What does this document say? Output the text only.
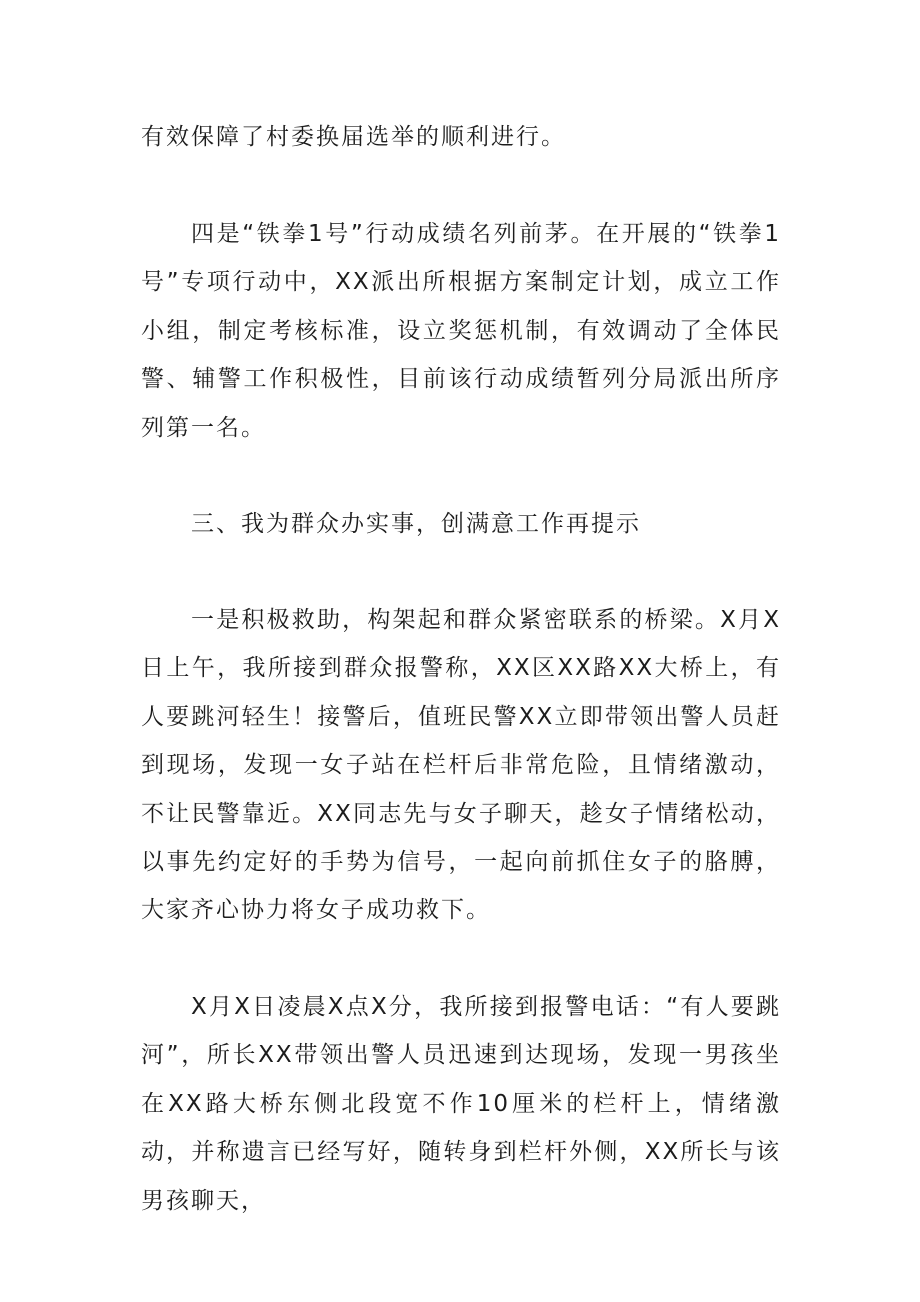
有效保障了村委换届选举的顺利进行。

四是“铁拳1号”行动成绩名列前茅。在开展的“铁拳1号”专项行动中，XX派出所根据方案制定计划，成立工作小组，制定考核标准，设立奖惩机制，有效调动了全体民警、辅警工作积极性，目前该行动成绩暂列分局派出所序列第一名。

三、我为群众办实事，创满意工作再提示

一是积极救助，构架起和群众紧密联系的桥梁。X月X日上午，我所接到群众报警称，XX区XX路XX大桥上，有人要跳河轻生！接警后，值班民警XX立即带领出警人员赶到现场，发现一女子站在栏杆后非常危险，且情绪激动，不让民警靠近。XX同志先与女子聊天，趁女子情绪松动，以事先约定好的手势为信号，一起向前抓住女子的胳膊，大家齐心协力将女子成功救下。

X月X日凌晨X点X分，我所接到报警电话：“有人要跳河”，所长XX带领出警人员迅速到达现场，发现一男孩坐在XX路大桥东侧北段宽不作10厘米的栏杆上，情绪激动，并称遗言已经写好，随转身到栏杆外侧，XX所长与该男孩聊天，
